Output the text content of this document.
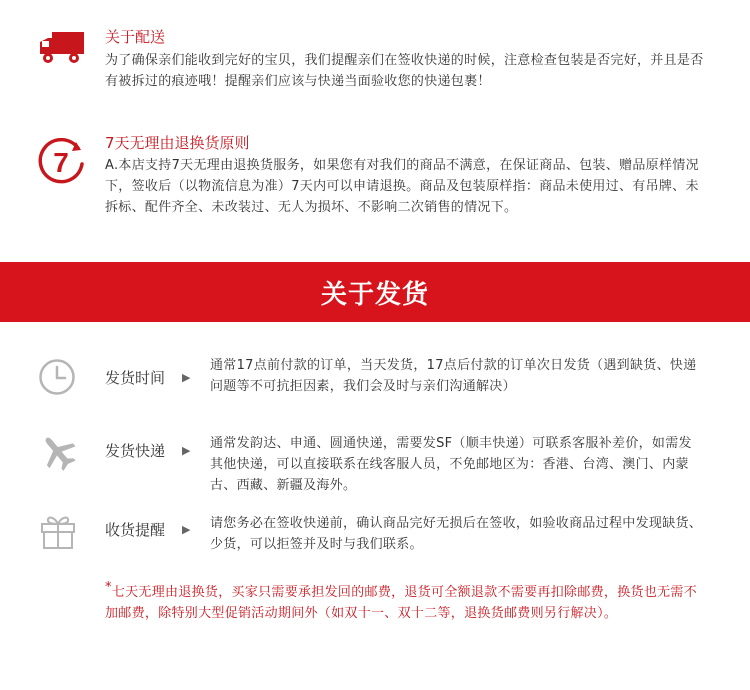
关于配送
为了确保亲们能收到完好的宝贝，我们提醒亲们在签收快递的时候，注意检查包装是否完好，并且是否有被拆过的痕迹哦！提醒亲们应该与快递当面验收您的快递包裹！
7
7天无理由退换货原则
A.本店支持7天无理由退换货服务，如果您有对我们的商品不满意，在保证商品、包装、赠品原样情况下，签收后（以物流信息为准）7天内可以申请退换。商品及包装原样指：商品未使用过、有吊牌、未拆标、配件齐全、未改装过、无人为损坏、不影响二次销售的情况下。
关于发货
发货时间 ▶
通常17点前付款的订单，当天发货，17点后付款的订单次日发货（遇到缺货、快递问题等不可抗拒因素，我们会及时与亲们沟通解决）
发货快递 ▶ 通常发韵达、申通、圆通快递，需要发SF（顺丰快递）可联系客服补差价，如需发其他快递，可以直接联系在线客服人员，不免邮地区为：香港、台湾、澳门、内蒙古、西藏、新疆及海外。
收货提醒 ▶ 请您务必在签收快递前，确认商品完好无损后在签收，如验收商品过程中发现缺货、少货，可以拒签并及时与我们联系。
*七天无理由退换货，买家只需要承担发回的邮费，退货可全额退款不需要再扣除邮费，换货也无需不加邮费，除特别大型促销活动期间外（如双十一、双十二等，退换货邮费则另行解决）。
